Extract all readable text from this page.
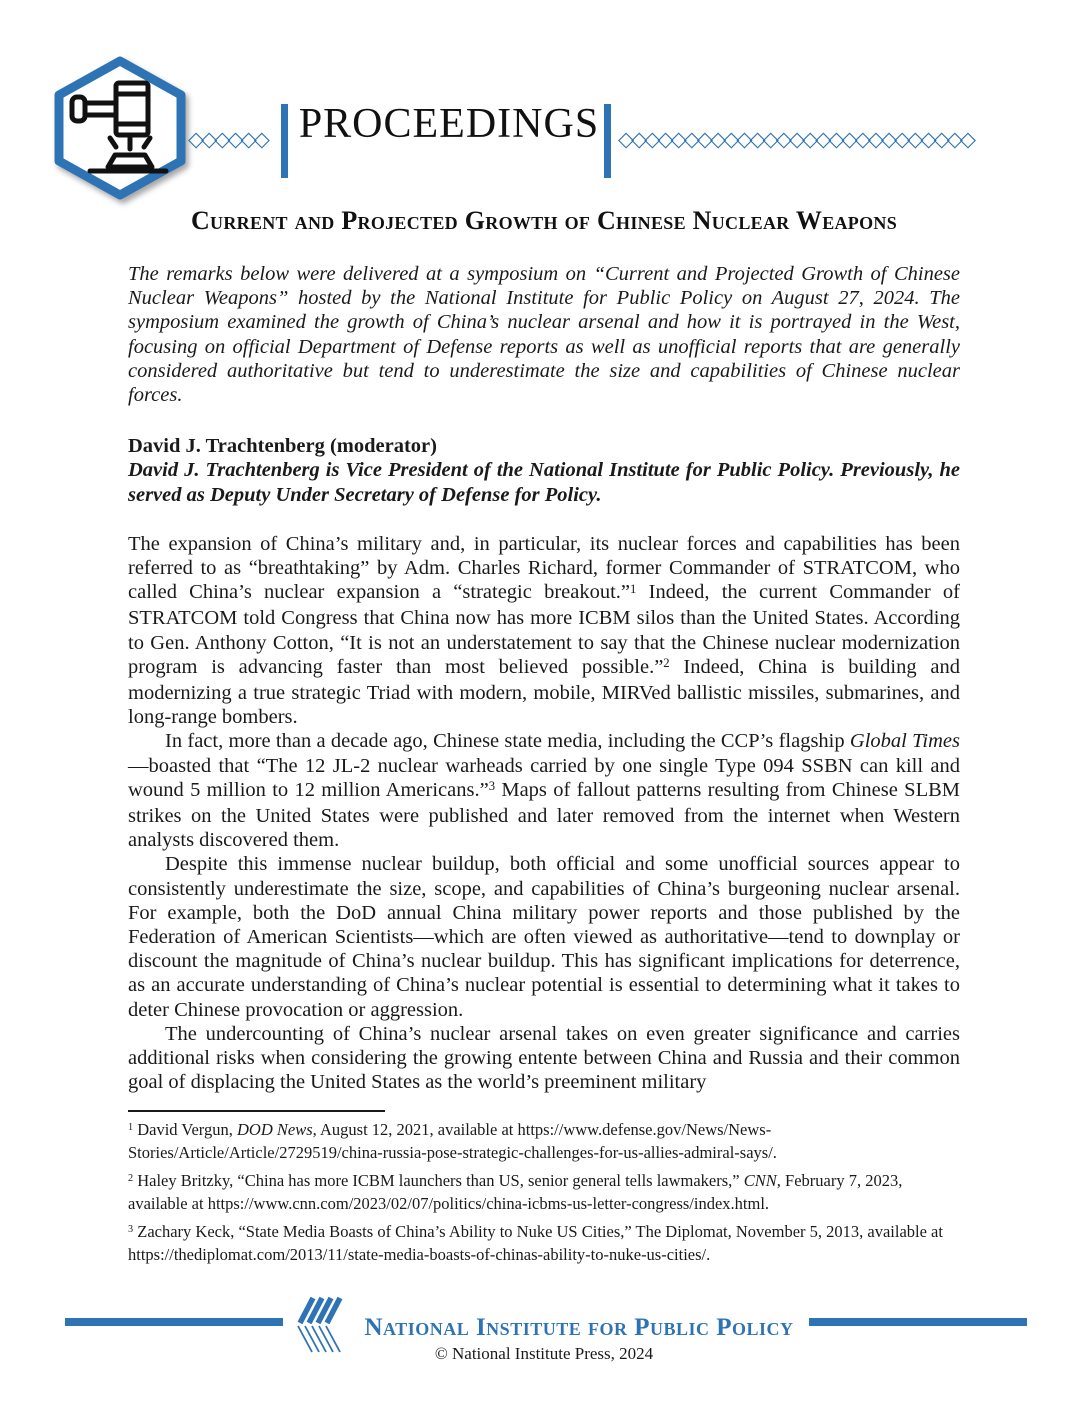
◇◇◇◇◇◇ PROCEEDINGS ◇◇◇◇◇◇◇◇◇◇◇◇◇◇◇◇◇◇◇◇◇◇◇◇◇◇◇
Current and Projected Growth of Chinese Nuclear Weapons

The remarks below were delivered at a symposium on “Current and Projected Growth of Chinese Nuclear Weapons” hosted by the National Institute for Public Policy on August 27, 2024. The symposium examined the growth of China’s nuclear arsenal and how it is portrayed in the West, focusing on official Department of Defense reports as well as unofficial reports that are generally considered authoritative but tend to underestimate the size and capabilities of Chinese nuclear forces.

David J. Trachtenberg (moderator)
David J. Trachtenberg is Vice President of the National Institute for Public Policy. Previously, he served as Deputy Under Secretary of Defense for Policy.

The expansion of China’s military and, in particular, its nuclear forces and capabilities has been referred to as “breathtaking” by Adm. Charles Richard, former Commander of STRATCOM, who called China’s nuclear expansion a “strategic breakout.”$^1$ Indeed, the current Commander of STRATCOM told Congress that China now has more ICBM silos than the United States. According to Gen. Anthony Cotton, “It is not an understatement to say that the Chinese nuclear modernization program is advancing faster than most believed possible.”$^2$ Indeed, China is building and modernizing a true strategic Triad with modern, mobile, MIRVed ballistic missiles, submarines, and long-range bombers.

In fact, more than a decade ago, Chinese state media, including the CCP’s flagship Global Times—boasted that “The 12 JL-2 nuclear warheads carried by one single Type 094 SSBN can kill and wound 5 million to 12 million Americans.”$^3$ Maps of fallout patterns resulting from Chinese SLBM strikes on the United States were published and later removed from the internet when Western analysts discovered them.

Despite this immense nuclear buildup, both official and some unofficial sources appear to consistently underestimate the size, scope, and capabilities of China’s burgeoning nuclear arsenal. For example, both the DoD annual China military power reports and those published by the Federation of American Scientists—which are often viewed as authoritative—tend to downplay or discount the magnitude of China’s nuclear buildup. This has significant implications for deterrence, as an accurate understanding of China’s nuclear potential is essential to determining what it takes to deter Chinese provocation or aggression.

The undercounting of China’s nuclear arsenal takes on even greater significance and carries additional risks when considering the growing entente between China and Russia and their common goal of displacing the United States as the world’s preeminent military

$^1$ David Vergun, DOD News, August 12, 2021, available at https://www.defense.gov/News/News-Stories/Article/Article/2729519/china-russia-pose-strategic-challenges-for-us-allies-admiral-says/.
$^2$ Haley Britzky, “China has more ICBM launchers than US, senior general tells lawmakers,” CNN, February 7, 2023, available at https://www.cnn.com/2023/02/07/politics/china-icbms-us-letter-congress/index.html.
$^3$ Zachary Keck, “State Media Boasts of China’s Ability to Nuke US Cities,” The Diplomat, November 5, 2013, available at https://thediplomat.com/2013/11/state-media-boasts-of-chinas-ability-to-nuke-us-cities/.
National Institute for Public Policy
© National Institute Press, 2024
